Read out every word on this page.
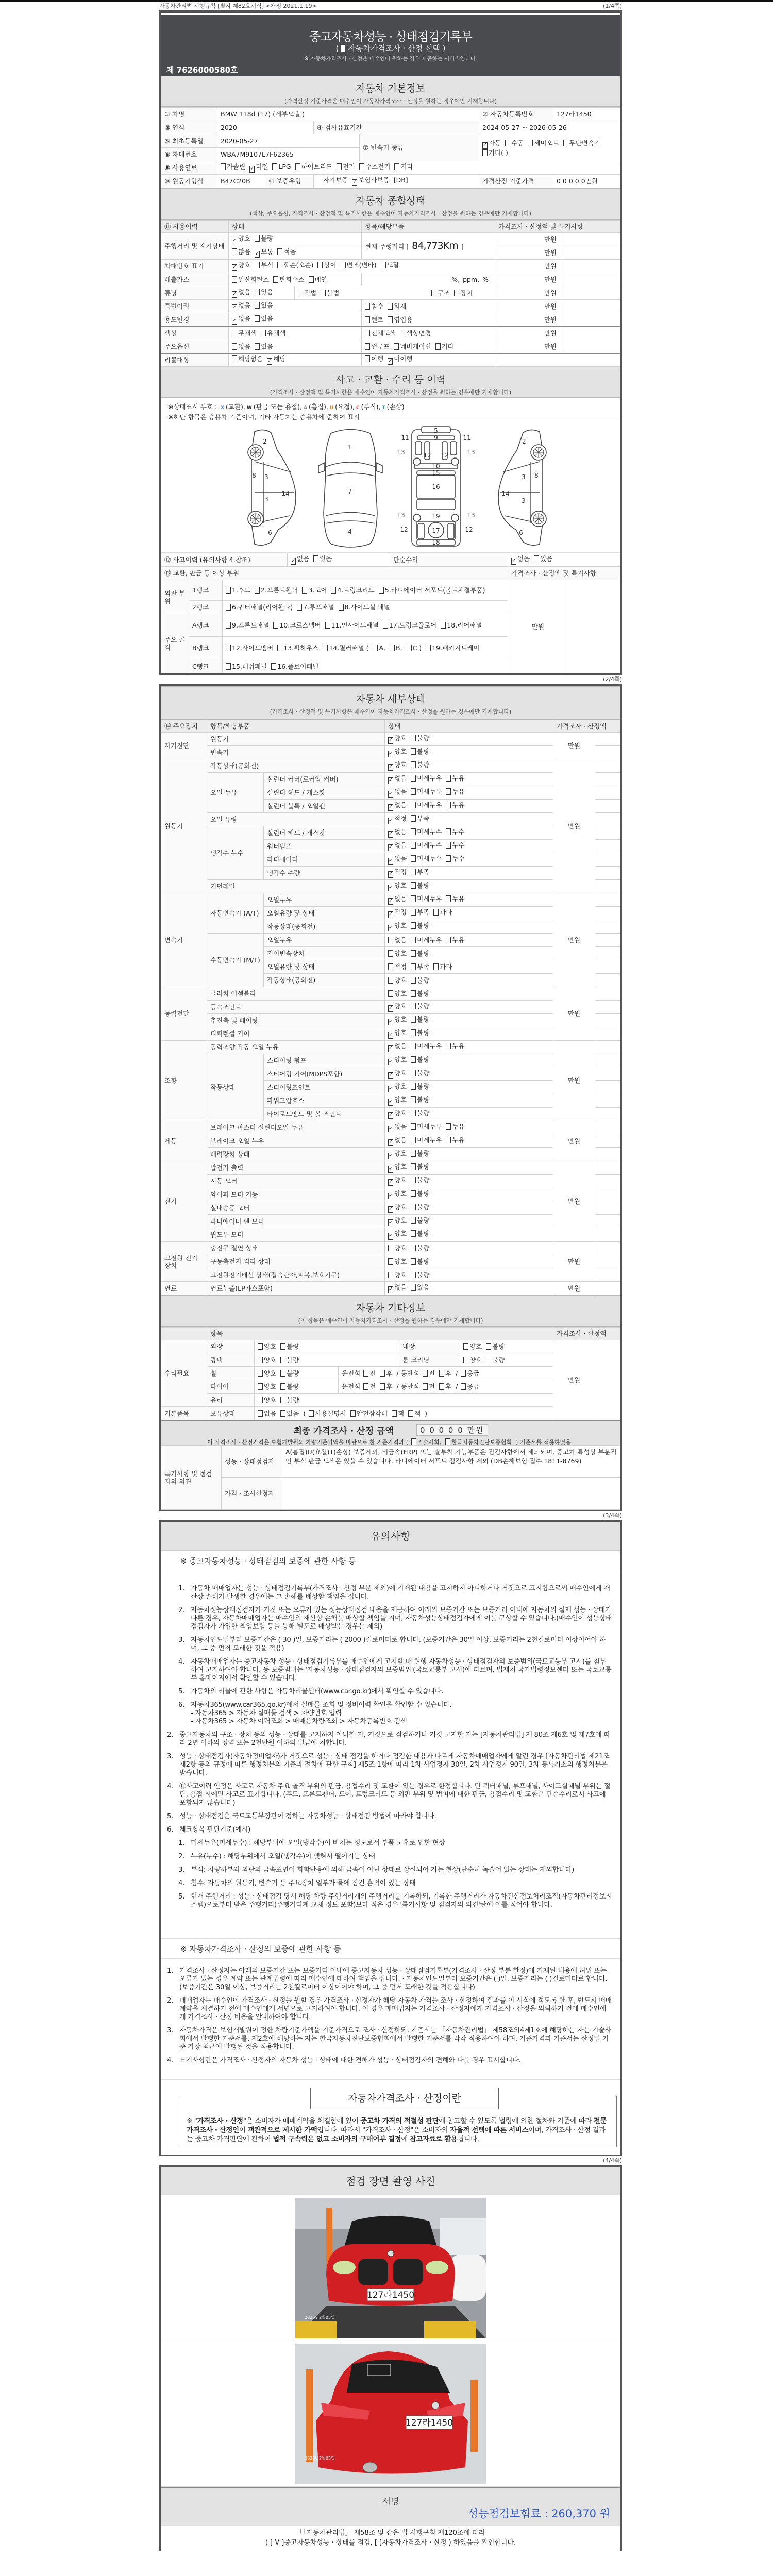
자동차관리법 시행규칙 [별지 제82호서식] <개정 2021.1.19>	(1/4쪽)
중고자동차성능 · 상태점검기록부
( 자동차가격조사 · 산정 선택 )
※ 자동차가격조사 · 산정은 매수인이 원하는 경우 제공하는 서비스입니다.
제 7626000580호
자동차 기본정보
(가격산정 기준가격은 매수인이 자동차가격조사 · 산정을 원하는 경우에만 기재합니다)
① 차명	BMW 118d (17) (세부모델 )				② 자동차등록번호	127라1450
③ 연식	2020		④ 검사유효기간		2024-05-27 ~ 2026-05-26	
⑤ 최초등록일	2020-05-27			⑦ 변속기 종류	✓자동 수동 세미오토 무단변속기기타( )
⑥ 차대번호	WBA7M9107L7F62365					
⑧ 사용연료	가솔린 ✓ 디젤 LPG 하이브리드 전기 수소전기 기타
⑨ 원동기형식	B47C20B	⑩ 보증유형	자가보증 ✓ 보험사보증 [DB]		가격산정 기준가격	0 0 0 0 0만원
자동차 종합상태
(색상, 주요옵션, 가격조사 · 산정액 및 특기사항은 매수인이 자동차가격조사 · 산정을 원하는 경우에만 기재합니다)
⑪ 사용이력	상태		항목/해당부품		가격조사 · 산정액 및 특기사항	
주행거리 및 계기상태	✓양호 불량		현재 주행거리 [ 84,773Km ]		만원	
	많음 ✓ 보통 적음				만원	
차대번호 표기	✓양호 부식 훼손(오손) 상이 변조(변타) 도말				만원	
배출가스	일산화탄소 탄화수소 매연		%, ppm, %		만원	
튜닝	✓없음 있음	적법 불법		구조 장치	만원	
특별이력	✓없음 있음		침수 화재		만원	
용도변경	✓없음 있음		렌트 영업용		만원	
색상	무채색 유채색		전체도색 색상변경		만원	
주요옵션	없음 있음		썬루프 네비게이션 기타		만원	
리콜대상	해당없음 ✓ 해당		이행 ✓ 미이행	
사고 · 교환 · 수리 등 이력
(가격조사 · 산정액 및 특기사항은 매수인이 자동차가격조사 · 산정을 원하는 경우에만 기재합니다)
※상태표시 부호 : X (교환), W (판금 또는 용접), A (흠집), U (요철), C (부식), T (손상)
※하단 항목은 승용차 기준이며, 기타 자동차는 승용차에 준하여 표시
2
8 3
3
14
6
1
7
4
5
9
11	11
12 12
13	13
10
15
16
13	13
19
17
12	12
18
2
8
3
3
14
6
⑫ 사고이력 (유의사항 4.참조)	✓없음 있음	단순수리	✓없음 있음
⑬ 교환, 판금 등 이상 부위					가격조사 · 산정액 및 특기사항	
외판 부위	1랭크	1.후드 2.프론트휀더 3.도어 4.트렁크리드 5.라디에이터 서포트(볼트체결부품)			만원	
	2랭크	6.쿼터패널(리어휀다) 7.루프패널 8.사이드실 패널				
주요 골격	A랭크	9.프론트패널 10.크로스멤버 11.인사이드패널 17.트렁크플로어 18.리어패널				
	B랭크	12.사이드멤버 13.휠하우스 14.필러패널 ( A, B, C ) 19.패키지트레이				
	C랭크	15.대쉬패널 16.플로어패널				
(2/4쪽)
자동차 세부상태
(가격조사 · 산정액 및 특기사항은 매수인이 자동차가격조사 · 산정을 원하는 경우에만 기재합니다)
⑭ 주요장치	항목/해당부품		상태	가격조사 · 산정액	
자기진단	원동기	✓양호 불량	만원	
	변속기	✓양호 불량	
원동기	작동상태(공회전)	✓양호 불량	만원	
	오일 누유	실린더 커버(로커암 커버)	✓없음 미세누유 누유	
		실린더 헤드 / 개스킷	✓없음 미세누유 누유	
		실린더 블록 / 오일팬	✓없음 미세누유 누유	
	오일 유량	✓적정 부족	
	냉각수 누수	실린더 헤드 / 개스킷	✓없음 미세누수 누수	
		워터펌프	✓없음 미세누수 누수	
		라디에이터	✓없음 미세누수 누수	
		냉각수 수량	✓적정 부족	
	커먼레일	✓양호 불량	
변속기	자동변속기 (A/T)	오일누유	✓없음 미세누유 누유	만원	
		오일유량 및 상태	✓적정 부족 과다	
		작동상태(공회전)	✓양호 불량	
	수동변속기 (M/T)	오일누유	없음 미세누유 누유		
		기어변속장치	양호 불량		
		오일유량 및 상태	적정 부족 과다		
		작동상태(공회전)	양호 불량		
동력전달	클러치 어셈블리		양호 불량	만원	
	등속조인트	✓양호 불량	
	추진축 및 베어링	✓양호 불량	
	디퍼렌셜 기어	✓양호 불량	
조향	동력조향 작동 오일 누유	✓없음 미세누유 누유	만원	
	작동상태	스티어링 펌프	✓양호 불량	
		스티어링 기어(MDPS포함)	✓양호 불량	
		스티어링조인트	✓양호 불량	
		파워고압호스	✓양호 불량	
		타이로드엔드 및 볼 조인트	✓양호 불량	
제동	브레이크 마스터 실린더오일 누유	✓없음 미세누유 누유	만원	
	브레이크 오일 누유	✓없음 미세누유 누유	
	배력장치 상태	✓양호 불량	
전기	발전기 출력	✓양호 불량	만원	
	시동 모터	✓양호 불량	
	와이퍼 모터 기능	✓양호 불량	
	실내송풍 모터	✓양호 불량	
	라디에이터 팬 모터	✓양호 불량	
	윈도우 모터	✓양호 불량	
고전원 전기장치	충전구 절연 상태		양호 불량	만원	
	구동축전지 격리 상태		양호 불량		
	고전원전기배선 상태(접속단자,피복,보호기구)		양호 불량		
연료	연료누출(LP가스포함)	✓없음 있음	만원	
자동차 기타정보
(이 항목은 매수인이 자동차가격조사 · 산정을 원하는 경우에만 기재합니다)
	항목					가격조사 · 산정액	
수리필요	외장	양호 불량		내장	양호 불량	만원	
	광택	양호 불량		룸 크리닝	양호 불량		
	휠	양호 불량	운전석 전 후 / 동반석 전 후 / 응급				
	타이어	양호 불량	운전석 전 후 / 동반석 전 후 / 응급				
	유리	양호 불량					
기본품목	보유상태	없음 있음 ( 사용설명서 안전삼각대 잭 잭 )					
최종 가격조사 · 산정 금액	0 0 0 0 0 만원
이 가격조사 · 산정가격은 보험개발원의 차량기준가액을 바탕으로 한 기준가격과 ( 기술사회, 한국자동차진단보증협회 ) 기준서를 적용하였음
특기사항 및 점검자의 의견	성능 · 상태점검자	A(흠집)U(요철)T(손상) 보증제외, 비금속(FRP) 또는 탈부착 가능부품은 점검사항에서 제외되며, 중고차 특성상 부분적인 부식 판금 도색은 있을 수 있습니다. 라디에이터 서포트 점검사항 제외 (DB손해보험 접수.1811-8769)
	가격 · 조사산정자	
(3/4쪽)
유의사항
※ 중고자동차성능 · 상태점검의 보증에 관한 사항 등
1. 자동차 매매업자는 성능 · 상태점검기록부(가격조사 · 산정 부분 제외)에 기재된 내용을 고지하지 아니하거나 거짓으로 고지함으로써 매수인에게 재산상 손해가 발생한 경우에는 그 손해를 배상할 책임을 집니다.
2. 자동차성능상태점검자가 거짓 또는 오류가 있는 성능상태점검 내용을 제공하여 아래의 보증기간 또는 보증거리 이내에 자동차의 실제 성능 · 상태가 다른 경우, 자동차매매업자는 매수인의 재산상 손해를 배상할 책임을 지며, 자동차성능상태점검자에게 이를 구상할 수 있습니다.(매수인이 성능상태점검자가 가입한 책임보험 등을 통해 별도로 배상받는 경우는 제외)
3. 자동차인도일부터 보증기간은 ( 30 )일, 보증거리는 ( 2000 )킬로미터로 합니다. (보증기간은 30일 이상, 보증거리는 2천킬로미터 이상이어야 하며, 그 중 먼저 도래한 것을 적용)
4. 자동차매매업자는 중고자동차 성능 · 상태점검기록부를 매수인에게 고지할 때 현행 자동차성능 · 상태점검자의 보증범위(국토교통부 고시)를 첨부하여 고지하여야 합니다. 동 보증범위는 '자동차성능 · 상태점검자의 보증범위'(국토교통부 고시)에 따르며, 법제처 국가법령정보센터 또는 국토교통부 홈페이지에서 확인할 수 있습니다.
5. 자동차의 리콜에 관한 사항은 자동차리콜센터(www.car.go.kr)에서 확인할 수 있습니다.
6. 자동차365(www.car365.go.kr)에서 실매물 조회 및 정비이력 확인을 확인할 수 있습니다.
- 자동차365 > 자동차 실매물 검색 > 차량번호 입력
- 자동차365 > 자동차 이력조회 > 매매용차량조회 > 자동차등록번호 검색
2. 중고자동차의 구조 · 장치 등의 성능 · 상태를 고지하지 아니한 자, 거짓으로 점검하거나 거짓 고지한 자는 [자동차관리법] 제 80조 제6호 및 제7호에 따라 2년 이하의 징역 또는 2천만원 이하의 벌금에 처합니다.
3. 성능 · 상태점검자(자동차정비업자)가 거짓으로 성능 · 상태 점검을 하거나 점검한 내용과 다르게 자동차매매업자에게 알린 경우 [자동차관리법 제21조 제2항 등의 규정에 따른 행정처분의 기준과 절차에 관한 규칙] 제5조 1항에 따라 1차 사업정지 30일, 2차 사업정지 90일, 3차 등록취소의 행정처분을 받습니다.
4. ⑫사고이력 인정은 사고로 자동차 주요 골격 부위의 판금, 용접수리 및 교환이 있는 경우로 한정합니다. 단 쿼터패널, 루프패널, 사이드실패널 부위는 절단, 용접 시에만 사고로 표기합니다. (후드, 프론트펜더, 도어, 트렁크리드 등 외판 부위 및 범퍼에 대한 판금, 용접수리 및 교환은 단순수리로서 사고에 포함되지 않습니다)
5. 성능 · 상태점검은 국토교통부장관이 정하는 자동차성능 · 상태점검 방법에 따라야 합니다.
6. 체크항목 판단기준(예시)
1. 미세누유(미세누수) : 해당부위에 오일(냉각수)이 비치는 정도로서 부품 노후로 인한 현상
2. 누유(누수) : 해당부위에서 오일(냉각수)이 맺혀서 떨어지는 상태
3. 부식: 차량하부와 외판의 금속표면이 화학반응에 의해 금속이 아닌 상태로 상실되어 가는 현상(단순히 녹슬어 있는 상태는 제외합니다)
4. 침수: 자동차의 원동기, 변속기 등 주요장치 일부가 물에 잠긴 흔적이 있는 상태
5. 현재 주행거리 : 성능 · 상태점검 당시 해당 차량 주행거리계의 주행거리를 기록하되, 기록한 주행거리가 자동차전산정보처리조직(자동차관리정보시스템)으로부터 받은 주행거리(주행거리계 교체 정보 포함)보다 적은 경우 '특기사항 및 점검자의 의견'란에 이를 적어야 합니다.
※ 자동차가격조사 · 산정의 보증에 관한 사항 등
1. 가격조사 · 산정자는 아래의 보증기간 또는 보증거리 이내에 중고자동차 성능 · 상태점검기록부(가격조사 · 산정 부분 한정)에 기재된 내용에 허위 또는 오류가 있는 경우 계약 또는 관계법령에 따라 매수인에 대하여 책임을 집니다. · 자동차인도일부터 보증기간은 ( )일, 보증거리는 ( )킬로미터로 합니다. (보증기간은 30일 이상, 보증거리는 2천킬로미터 이상이어야 하며, 그 중 먼저 도래한 것을 적용합니다)
2. 매매업자는 매수인이 가격조사 · 산정을 원할 경우 가격조사 · 산정자가 해당 자동차 가격을 조사 · 산정하여 결과를 이 서식에 적도록 한 후, 반드시 매매계약을 체결하기 전에 매수인에게 서면으로 고지하여야 합니다. 이 경우 매매업자는 가격조사 · 산정자에게 가격조사 · 산정을 의뢰하기 전에 매수인에게 가격조사 · 산정 비용을 안내하여야 합니다.
3. 자동차가격은 보험개발원이 정한 차량기준가액을 기준가격으로 조사 · 산정하되, 기준서는 「자동차관리법」 제58조의4제1호에 해당하는 자는 기술사회에서 발행한 기준서를, 제2호에 해당하는 자는 한국자동차진단보증협회에서 발행한 기준서를 각각 적용하여야 하며, 기준가격과 기준서는 산정일 기준 가장 최근에 발행된 것을 적용합니다.
4. 특기사항란은 가격조사 · 산정자의 자동차 성능 · 상태에 대한 견해가 성능 · 상태점검자의 견해와 다를 경우 표시합니다.
자동차가격조사 · 산정이란
※ "가격조사 · 산정"은 소비자가 매매계약을 체결함에 있어 중고차 가격의 적절성 판단에 참고할 수 있도록 법령에 의한 절차와 기준에 따라 전문 가격조사 · 산정인이 객관적으로 제시한 가액입니다. 따라서 "가격조사 · 산정"은 소비자의 자율적 선택에 따른 서비스이며, 가격조사 · 산정 결과는 중고차 가격판단에 관하여 법적 구속력은 없고 소비자의 구매여부 결정에 참고자료로 활용됩니다.
(4/4쪽)
점검 장면 촬영 사진
127라1450
2026년2월05일
127라1450
2026년2월05일
서명
성능점검보험료 : 260,370 원
「「자동차관리법」 제58조 및 같은 법 시행규칙 제120조에 따라
( [ V ]중고자동차성능 · 상태를 점검, [ ]자동차가격조사 · 산정 ) 하였음을 확인합니다.
